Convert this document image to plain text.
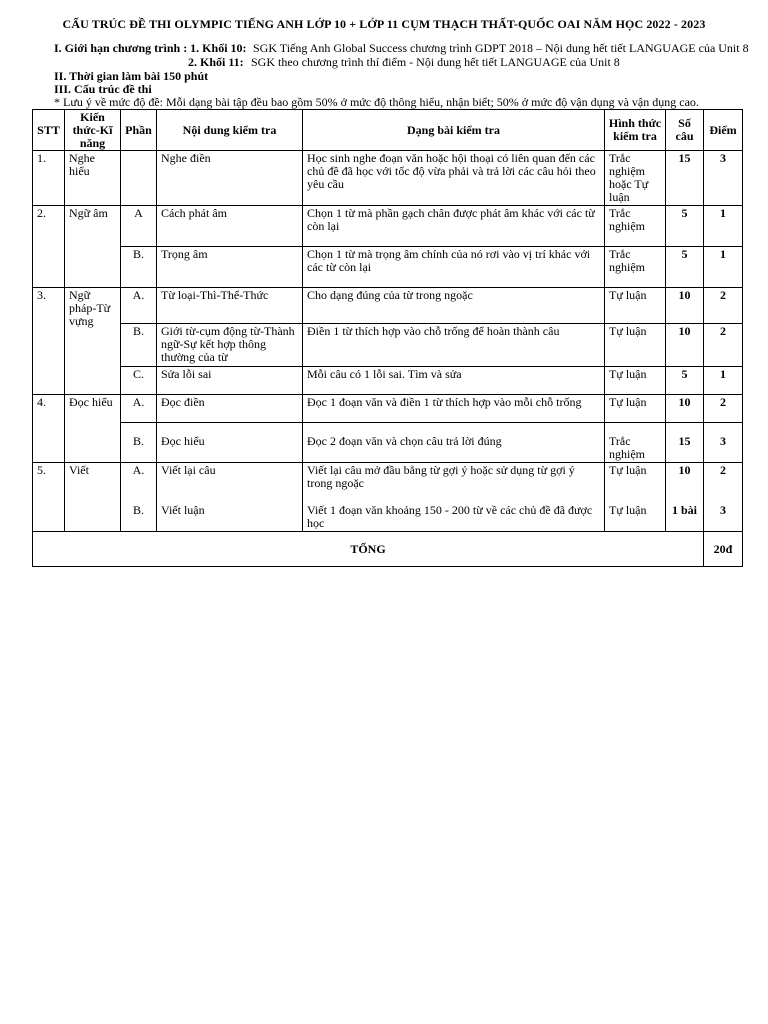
CẤU TRÚC ĐỀ THI OLYMPIC TIẾNG ANH LỚP 10 + LỚP 11 CỤM THẠCH THẤT-QUỐC OAI NĂM HỌC 2022 - 2023
I. Giới hạn chương trình : 1. Khối 10: SGK Tiếng Anh Global Success chương trình GDPT 2018 – Nội dung hết tiết LANGUAGE của Unit 8
2. Khối 11: SGK theo chương trình thí điểm - Nội dung hết tiết LANGUAGE của Unit 8
II. Thời gian làm bài 150 phút
III. Cấu trúc đề thi
* Lưu ý về mức độ đề: Mỗi dạng bài tập đều bao gồm 50% ở mức độ thông hiểu, nhận biết; 50% ở mức độ vận dụng và vận dụng cao.
STT	Kiến thức-Kĩ năng	Phần	Nội dung kiểm tra	Dạng bài kiểm tra	Hình thức kiểm tra	Số câu	Điểm
1.	Nghe hiểu		Nghe điền	Học sinh nghe đoạn văn hoặc hội thoại có liên quan đến các chủ đề đã học với tốc độ vừa phải và trả lời các câu hỏi theo yêu cầu	Trắc nghiệm hoặc Tự luận	15	3
2.	Ngữ âm	A	Cách phát âm	Chọn 1 từ mà phần gạch chân được phát âm khác với các từ còn lại	Trắc nghiệm	5	1
		B.	Trọng âm	Chọn 1 từ mà trọng âm chính của nó rơi vào vị trí khác với các từ còn lại	Trắc nghiệm	5	1
3.	Ngữ pháp-Từ vựng	A.	Từ loại-Thì-Thể-Thức	Cho dạng đúng của từ trong ngoặc	Tự luận	10	2
		B.	Giới từ-cụm động từ-Thành ngữ-Sự kết hợp thông thường của từ	Điền 1 từ thích hợp vào chỗ trống để hoàn thành câu	Tự luận	10	2
		C.	Sửa lỗi sai	Mỗi câu có 1 lỗi sai. Tìm và sửa	Tự luận	5	1
4.	Đọc hiểu	A.	Đọc điền	Đọc 1 đoạn văn và điền 1 từ thích hợp vào mỗi chỗ trống	Tự luận	10	2
		B.	Đọc hiểu	Đọc 2 đoạn văn và chọn câu trả lời đúng	Trắc nghiệm	15	3
5.	Viết	A.	Viết lại câu	Viết lại câu mở đầu bằng từ gợi ý hoặc sử dụng từ gợi ý trong ngoặc	Tự luận	10	2
		B.	Viết luận	Viết 1 đoạn văn khoảng 150 - 200 từ về các chủ đề đã được học	Tự luận	1 bài	3
TỔNG							20đ
